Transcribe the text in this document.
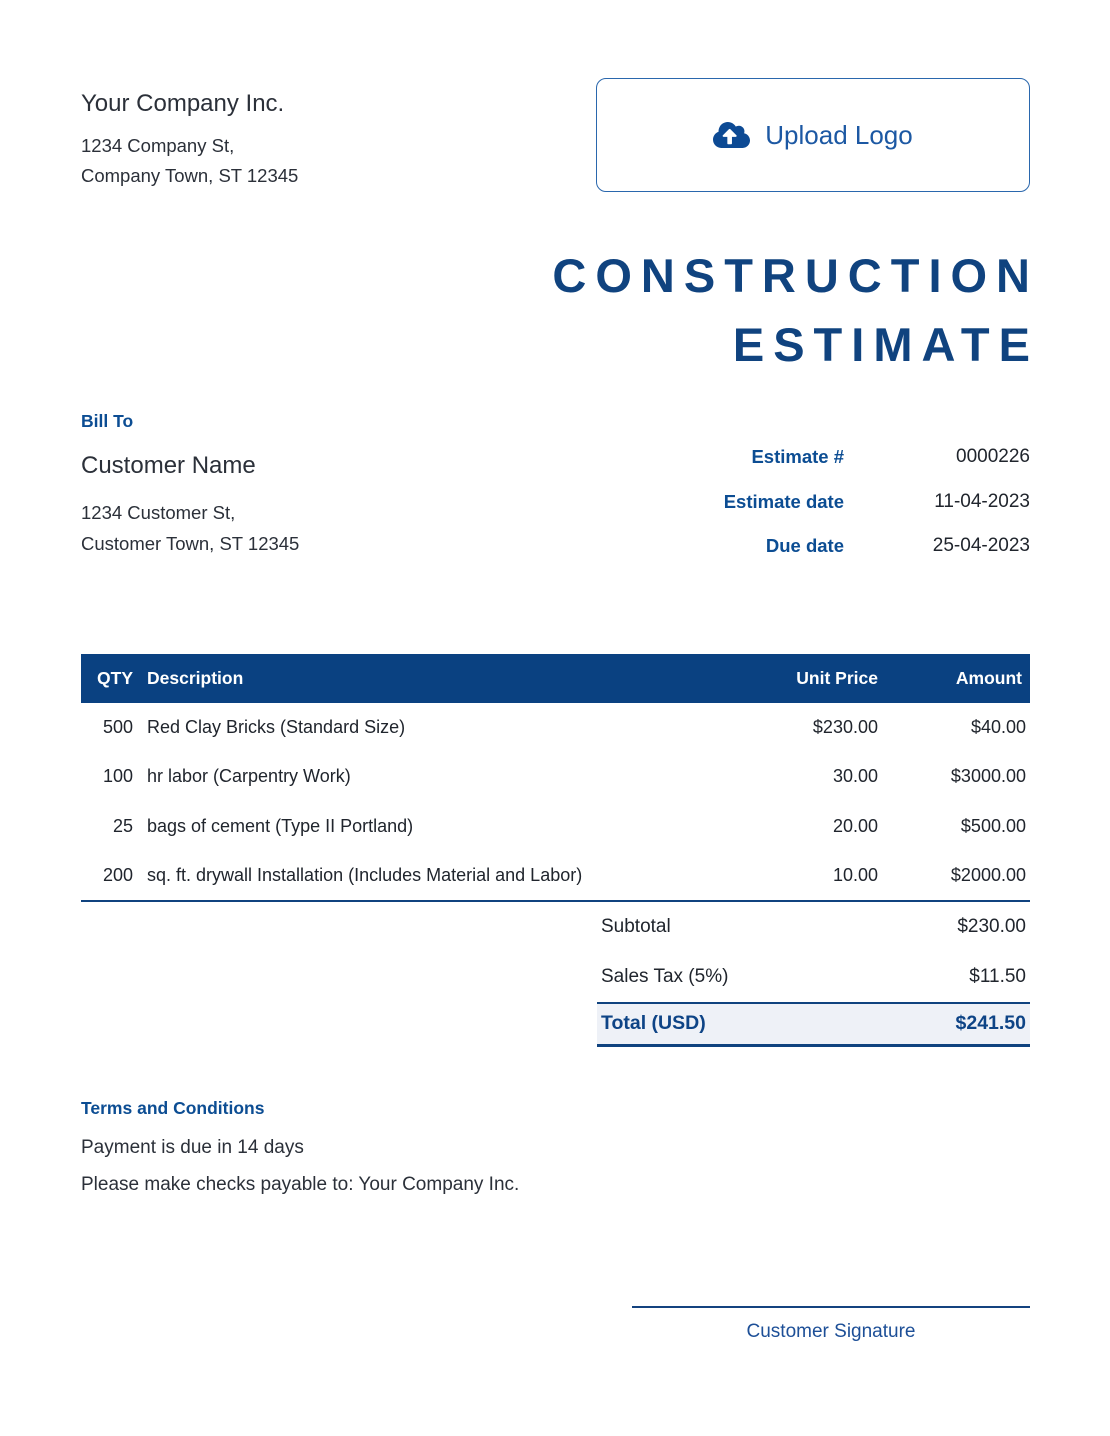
Your Company Inc.
1234 Company St,
Company Town, ST 12345
Upload Logo
CONSTRUCTION
ESTIMATE
Bill To
Customer Name
1234 Customer St,
Customer Town, ST 12345
Estimate #	0000226
Estimate date	11-04-2023
Due date	25-04-2023
QTY	Description	Unit Price	Amount
500	Red Clay Bricks (Standard Size)	$230.00	$40.00
100	hr labor (Carpentry Work)	30.00	$3000.00
25	bags of cement (Type II Portland)	20.00	$500.00
200	sq. ft. drywall Installation (Includes Material and Labor)	10.00	$2000.00
Subtotal	$230.00
Sales Tax (5%)	$11.50
Total (USD)	$241.50
Terms and Conditions
Payment is due in 14 days
Please make checks payable to: Your Company Inc.
Customer Signature
